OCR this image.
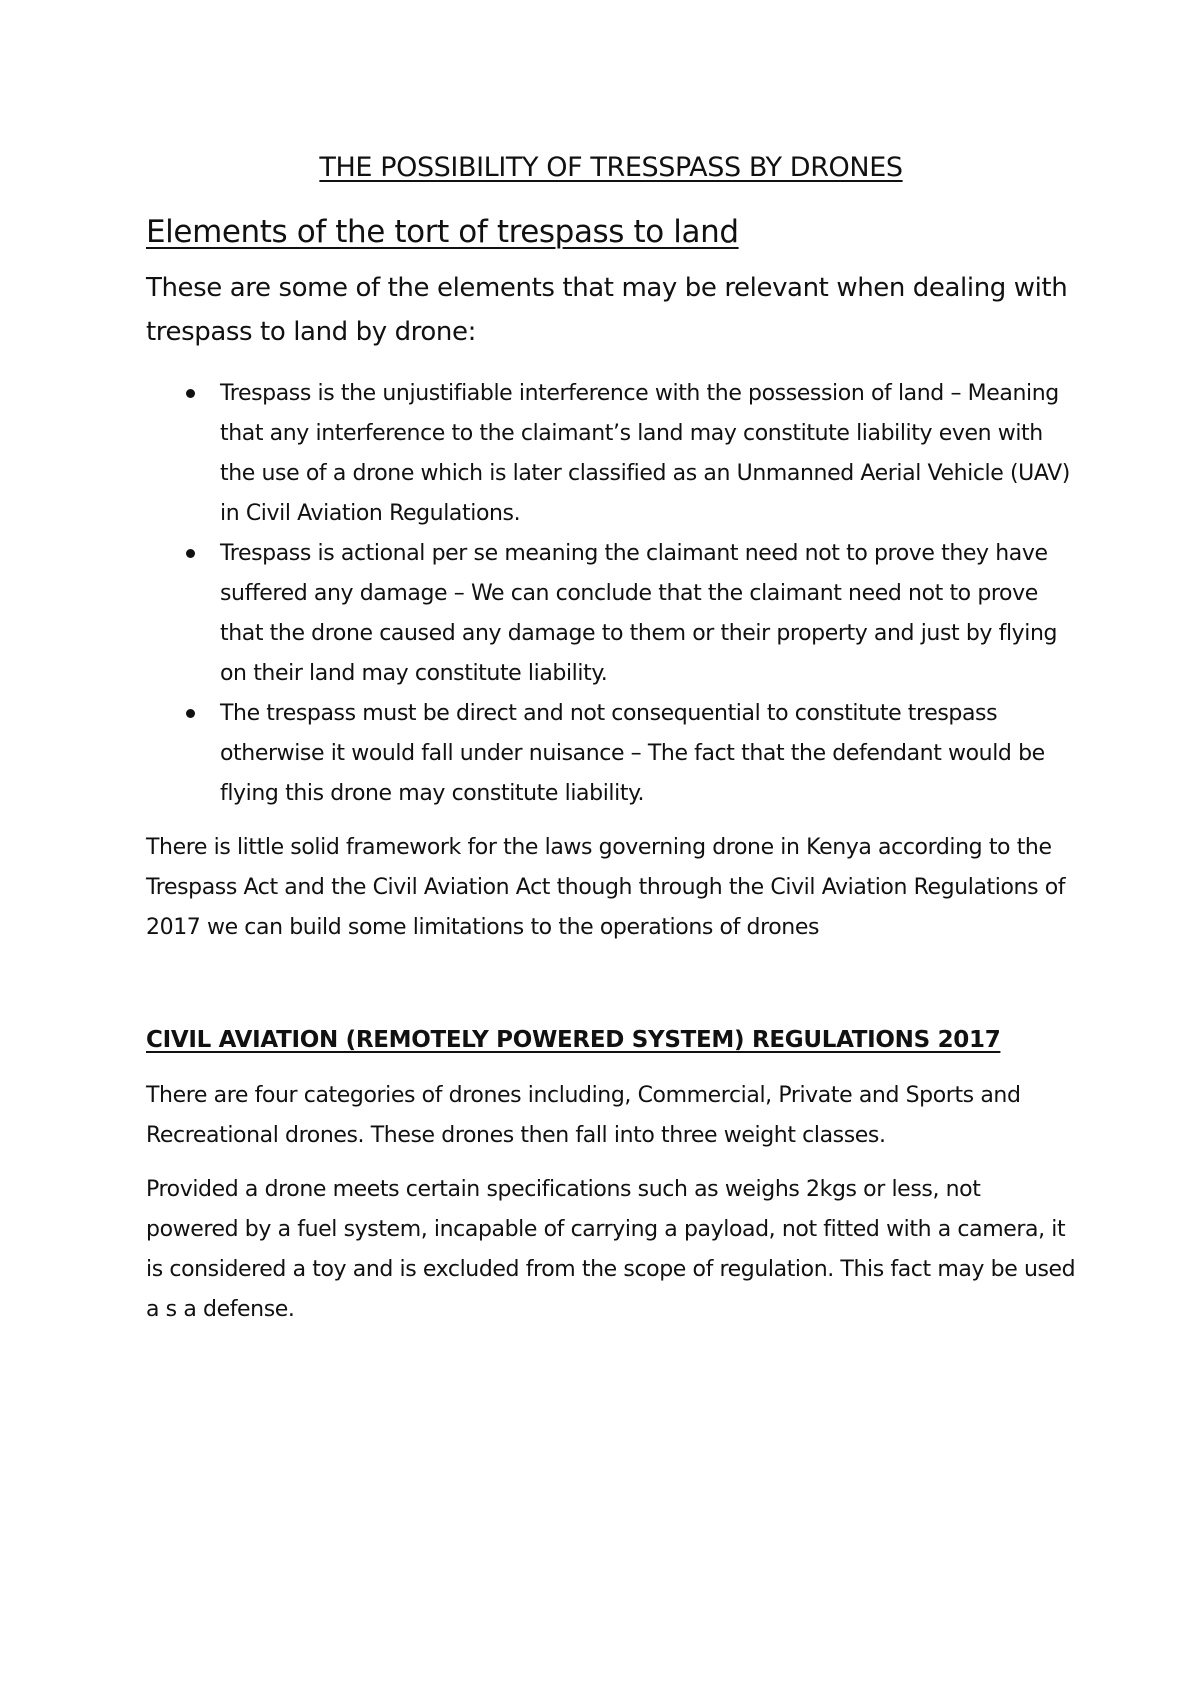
THE POSSIBILITY OF TRESSPASS BY DRONES
Elements of the tort of trespass to land

These are some of the elements that may be relevant when dealing with trespass to land by drone:

Trespass is the unjustifiable interference with the possession of land – Meaning that any interference to the claimant’s land may constitute liability even with the use of a drone which is later classified as an Unmanned Aerial Vehicle (UAV) in Civil Aviation Regulations.
Trespass is actional per se meaning the claimant need not to prove they have suffered any damage – We can conclude that the claimant need not to prove that the drone caused any damage to them or their property and just by flying on their land may constitute liability.
The trespass must be direct and not consequential to constitute trespass otherwise it would fall under nuisance – The fact that the defendant would be flying this drone may constitute liability.

There is little solid framework for the laws governing drone in Kenya according to the Trespass Act and the Civil Aviation Act though through the Civil Aviation Regulations of 2017 we can build some limitations to the operations of drones

CIVIL AVIATION (REMOTELY POWERED SYSTEM) REGULATIONS 2017

There are four categories of drones including, Commercial, Private and Sports and Recreational drones. These drones then fall into three weight classes.

Provided a drone meets certain specifications such as weighs 2kgs or less, not powered by a fuel system, incapable of carrying a payload, not fitted with a camera, it is considered a toy and is excluded from the scope of regulation. This fact may be used a s a defense.
